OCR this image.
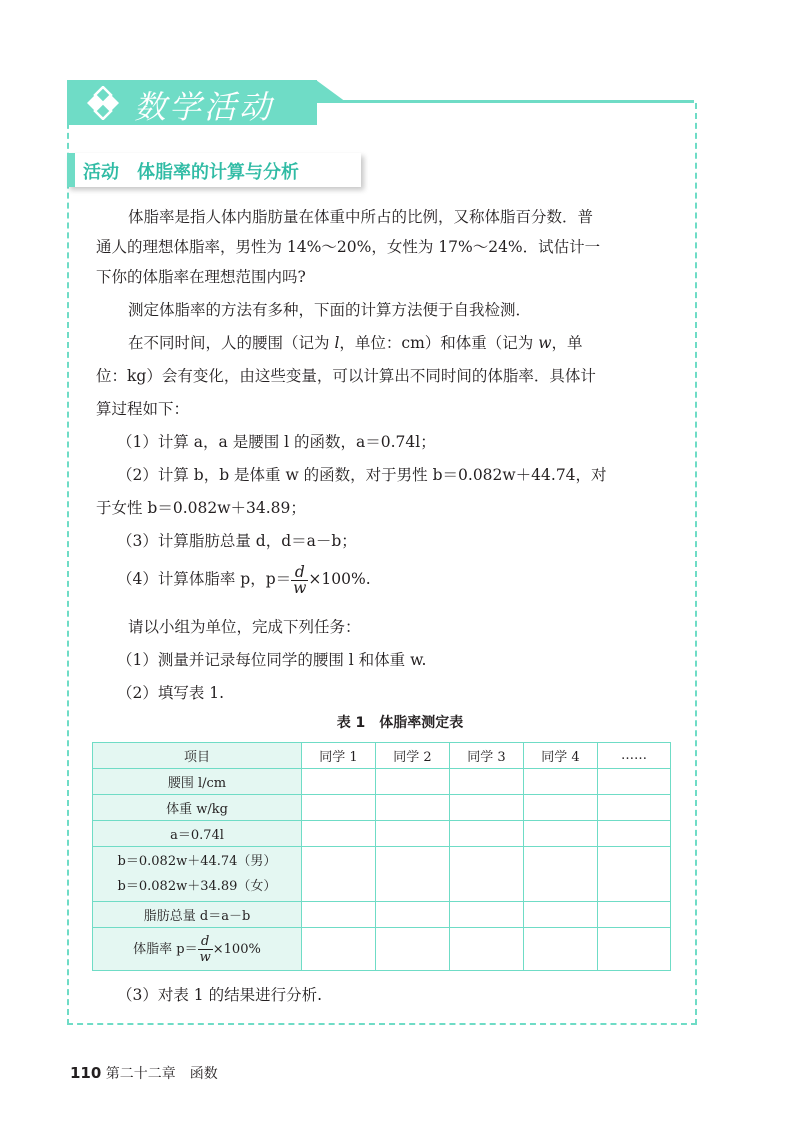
数学活动
活动　体脂率的计算与分析
体脂率是指人体内脂肪量在体重中所占的比例，又称体脂百分数．普
通人的理想体脂率，男性为 14%～20%，女性为 17%～24%．试估计一
下你的体脂率在理想范围内吗?
测定体脂率的方法有多种，下面的计算方法便于自我检测．
在不同时间，人的腰围（记为 l，单位：cm）和体重（记为 w，单
位：kg）会有变化，由这些变量，可以计算出不同时间的体脂率．具体计
算过程如下：
（1）计算 a，a 是腰围 l 的函数，a＝0.74l；
（2）计算 b，b 是体重 w 的函数，对于男性 b＝0.082w＋44.74，对
于女性 b＝0.082w＋34.89；
（3）计算脂肪总量 d，d＝a－b；
（4）计算体脂率 p，$p= \frac{d}{w} \times 100\%$.
请以小组为单位，完成下列任务：
（1）测量并记录每位同学的腰围 l 和体重 w.
（2）填写表 1.
表 1　体脂率测定表
项目	同学 1	同学 2	同学 3	同学 4	……
腰围 l/cm					
体重 w/kg					
a＝0.74l					

b＝0.082w＋44.74（男）
b＝0.082w＋34.89（女）					

脂肪总量 d＝a－b					
体脂率 $p= \frac{d}{w} \times 100\%$					
（3）对表 1 的结果进行分析.
110 第二十二章　函数
